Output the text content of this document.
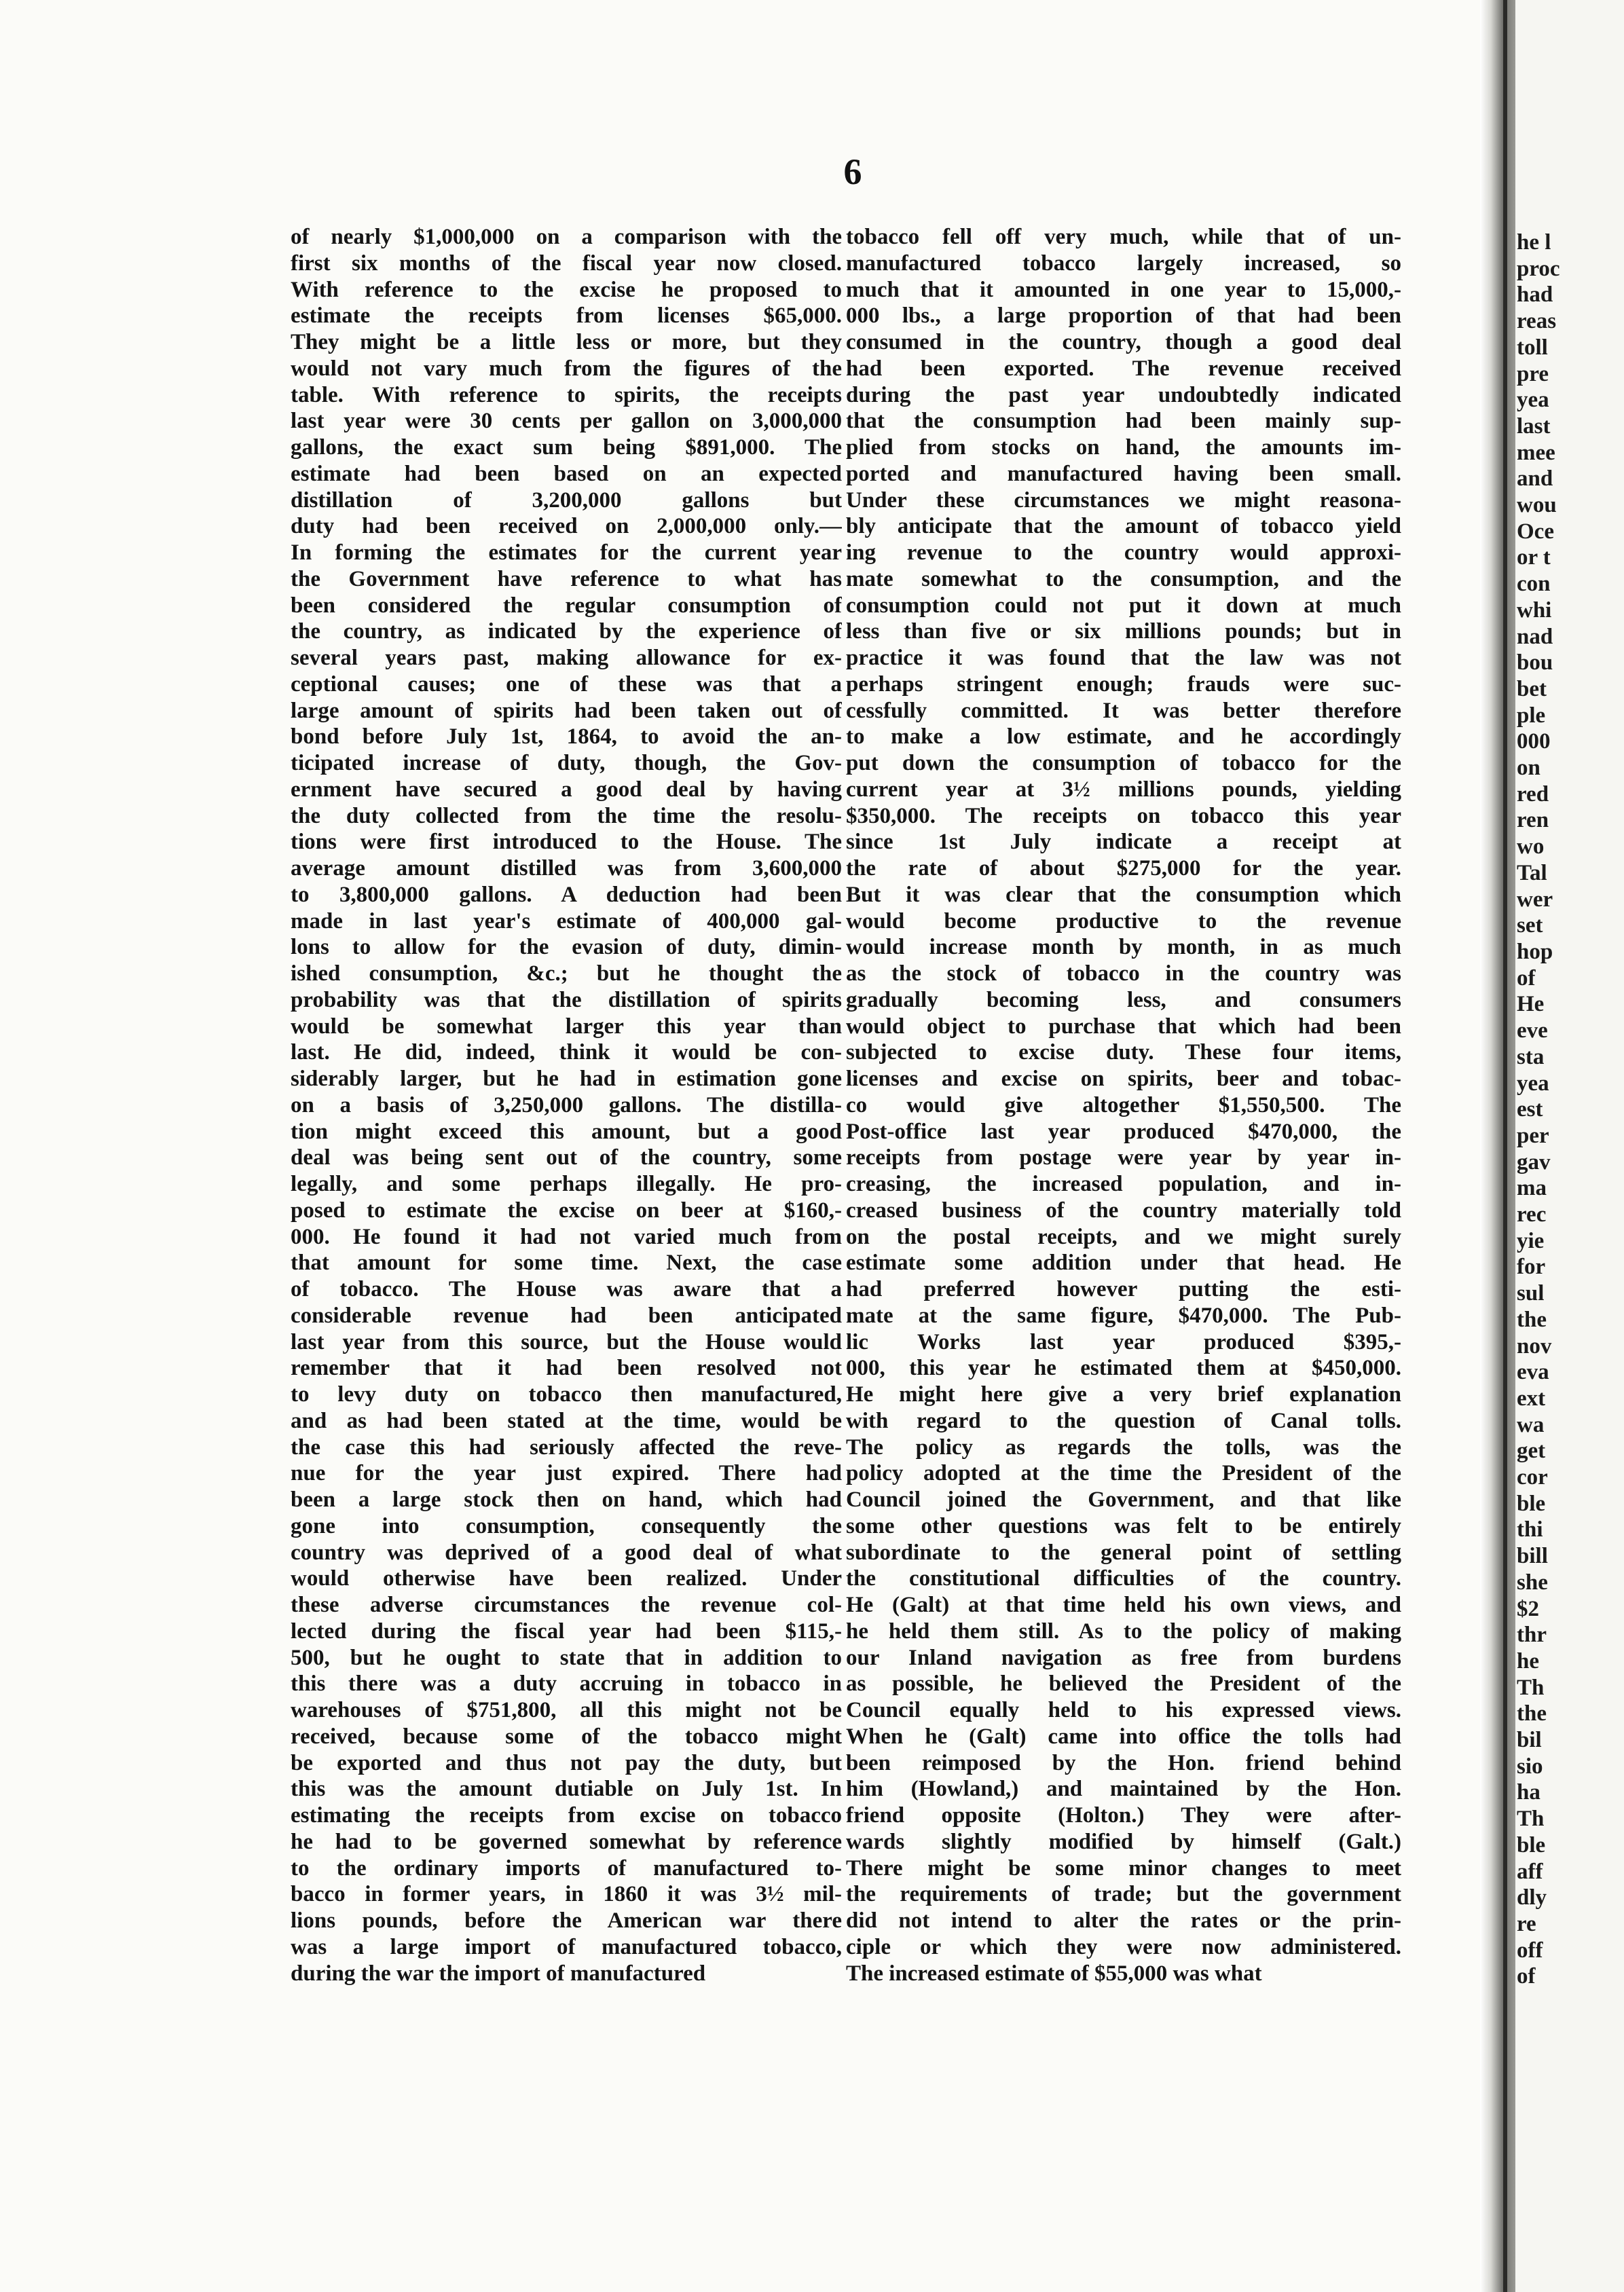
6
of nearly $1,000,000 on a comparison with the
first six months of the fiscal year now closed.
With reference to the excise he proposed to
estimate the receipts from licenses $65,000.
They might be a little less or more, but they
would not vary much from the figures of the
table. With reference to spirits, the receipts
last year were 30 cents per gallon on 3,000,000
gallons, the exact sum being $891,000. The
estimate had been based on an expected
distillation of 3,200,000 gallons but
duty had been received on 2,000,000 only.—
In forming the estimates for the current year
the Government have reference to what has
been considered the regular consumption of
the country, as indicated by the experience of
several years past, making allowance for ex-
ceptional causes; one of these was that a
large amount of spirits had been taken out of
bond before July 1st, 1864, to avoid the an-
ticipated increase of duty, though, the Gov-
ernment have secured a good deal by having
the duty collected from the time the resolu-
tions were first introduced to the House. The
average amount distilled was from 3,600,000
to 3,800,000 gallons. A deduction had been
made in last year's estimate of 400,000 gal-
lons to allow for the evasion of duty, dimin-
ished consumption, &c.; but he thought the
probability was that the distillation of spirits
would be somewhat larger this year than
last. He did, indeed, think it would be con-
siderably larger, but he had in estimation gone
on a basis of 3,250,000 gallons. The distilla-
tion might exceed this amount, but a good
deal was being sent out of the country, some
legally, and some perhaps illegally. He pro-
posed to estimate the excise on beer at $160,-
000. He found it had not varied much from
that amount for some time. Next, the case
of tobacco. The House was aware that a
considerable revenue had been anticipated
last year from this source, but the House would
remember that it had been resolved not
to levy duty on tobacco then manufactured,
and as had been stated at the time, would be
the case this had seriously affected the reve-
nue for the year just expired. There had
been a large stock then on hand, which had
gone into consumption, consequently the
country was deprived of a good deal of what
would otherwise have been realized. Under
these adverse circumstances the revenue col-
lected during the fiscal year had been $115,-
500, but he ought to state that in addition to
this there was a duty accruing in tobacco in
warehouses of $751,800, all this might not be
received, because some of the tobacco might
be exported and thus not pay the duty, but
this was the amount dutiable on July 1st. In
estimating the receipts from excise on tobacco
he had to be governed somewhat by reference
to the ordinary imports of manufactured to-
bacco in former years, in 1860 it was 3½ mil-
lions pounds, before the American war there
was a large import of manufactured tobacco,
during the war the import of manufactured
tobacco fell off very much, while that of un-
manufactured tobacco largely increased, so
much that it amounted in one year to 15,000,-
000 lbs., a large proportion of that had been
consumed in the country, though a good deal
had been exported. The revenue received
during the past year undoubtedly indicated
that the consumption had been mainly sup-
plied from stocks on hand, the amounts im-
ported and manufactured having been small.
Under these circumstances we might reasona-
bly anticipate that the amount of tobacco yield
ing revenue to the country would approxi-
mate somewhat to the consumption, and the
consumption could not put it down at much
less than five or six millions pounds; but in
practice it was found that the law was not
perhaps stringent enough; frauds were suc-
cessfully committed. It was better therefore
to make a low estimate, and he accordingly
put down the consumption of tobacco for the
current year at 3½ millions pounds, yielding
$350,000. The receipts on tobacco this year
since 1st July indicate a receipt at
the rate of about $275,000 for the year.
But it was clear that the consumption which
would become productive to the revenue
would increase month by month, in as much
as the stock of tobacco in the country was
gradually becoming less, and consumers
would object to purchase that which had been
subjected to excise duty. These four items,
licenses and excise on spirits, beer and tobac-
co would give altogether $1,550,500. The
Post-office last year produced $470,000, the
receipts from postage were year by year in-
creasing, the increased population, and in-
creased business of the country materially told
on the postal receipts, and we might surely
estimate some addition under that head. He
had preferred however putting the esti-
mate at the same figure, $470,000. The Pub-
lic Works last year produced $395,-
000, this year he estimated them at $450,000.
He might here give a very brief explanation
with regard to the question of Canal tolls.
The policy as regards the tolls, was the
policy adopted at the time the President of the
Council joined the Government, and that like
some other questions was felt to be entirely
subordinate to the general point of settling
the constitutional difficulties of the country.
He (Galt) at that time held his own views, and
he held them still. As to the policy of making
our Inland navigation as free from burdens
as possible, he believed the President of the
Council equally held to his expressed views.
When he (Galt) came into office the tolls had
been reimposed by the Hon. friend behind
him (Howland,) and maintained by the Hon.
friend opposite (Holton.) They were after-
wards slightly modified by himself (Galt.)
There might be some minor changes to meet
the requirements of trade; but the government
did not intend to alter the rates or the prin-
ciple or which they were now administered.
The increased estimate of $55,000 was what
he l
proc
had
reas
toll
pre
yea
last
mee
and
wou
Oce
or t
con
whi
nad
bou
bet
ple
000
on
red
ren
wo
Tal
wer
set
hop
of
He
eve
sta
yea
est
per
gav
ma
rec
yie
for
sul
the
nov
eva
ext
wa
get
cor
ble
thi
bill
she
$2
thr
he
Th
the
bil
sio
ha
Th
ble
aff
dly
re
off
of
